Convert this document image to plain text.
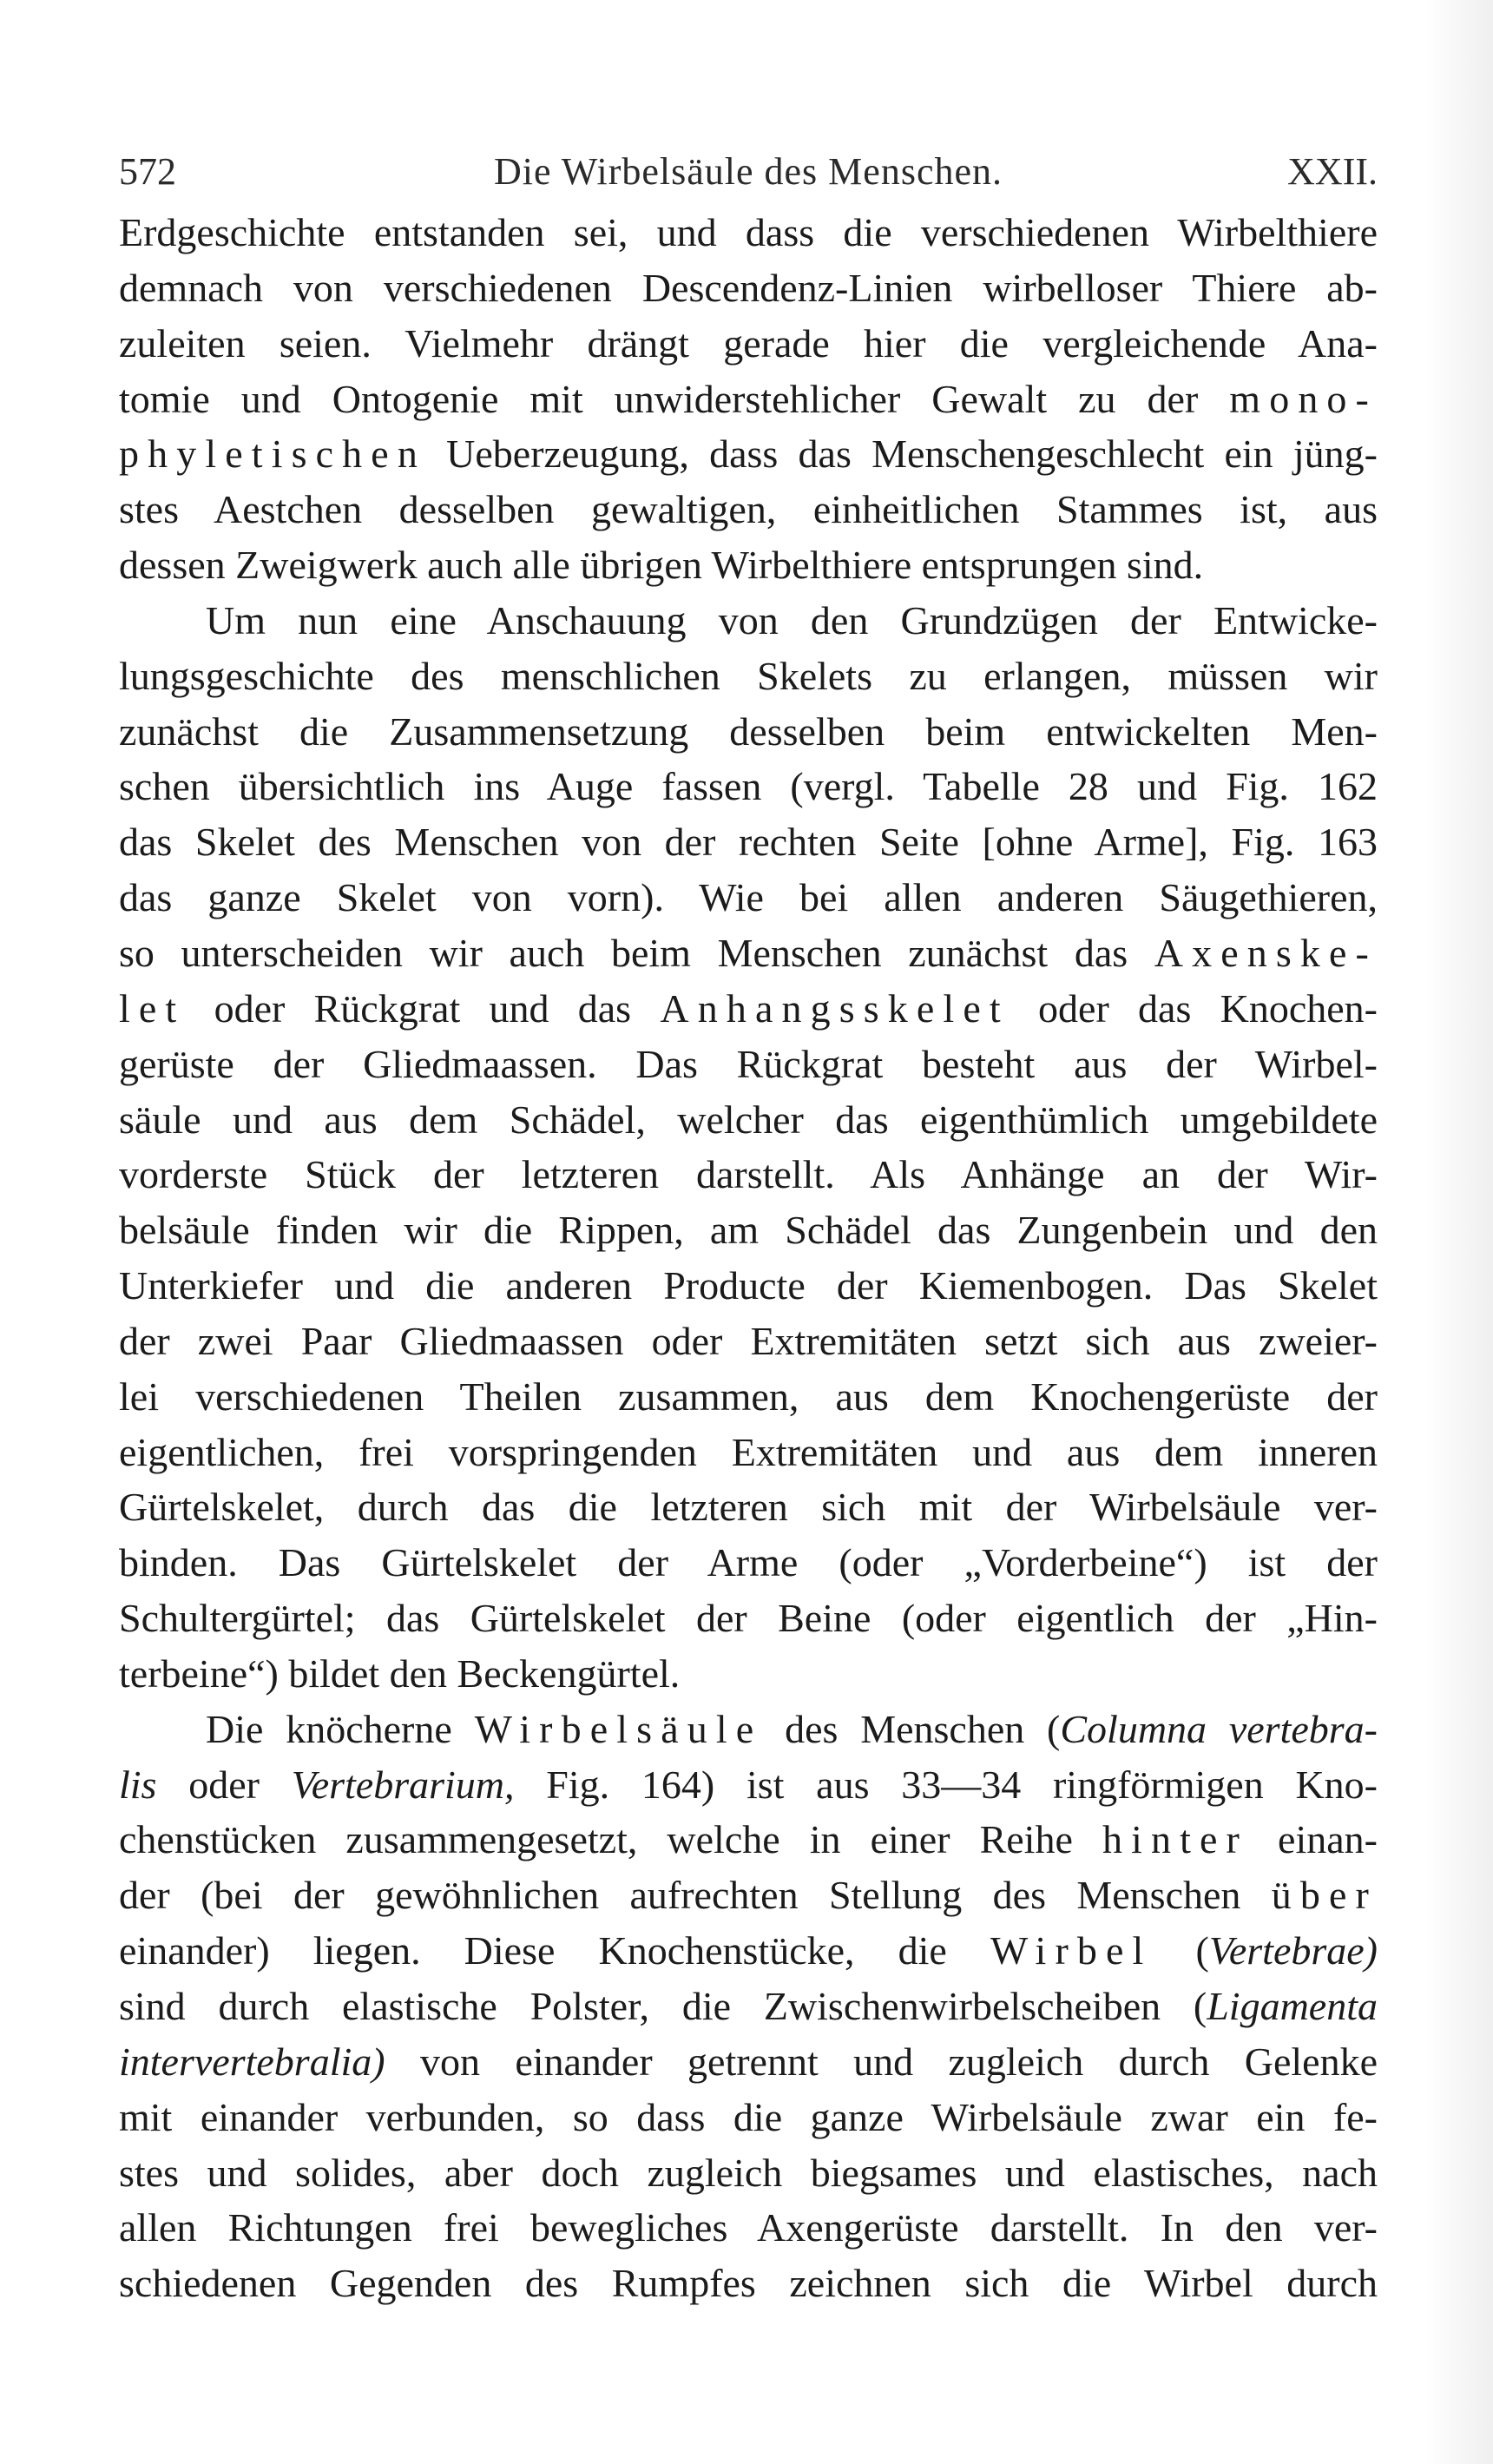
572	Die Wirbelsäule des Menschen.	XXII.
Erdgeschichte entstanden sei, und dass die verschiedenen Wirbelthiere
demnach von verschiedenen Descendenz-Linien wirbelloser Thiere ab-
zuleiten seien. Vielmehr drängt gerade hier die vergleichende Ana-
tomie und Ontogenie mit unwiderstehlicher Gewalt zu der mono-
phyletischen Ueberzeugung, dass das Menschengeschlecht ein jüng-
stes Aestchen desselben gewaltigen, einheitlichen Stammes ist, aus
dessen Zweigwerk auch alle übrigen Wirbelthiere entsprungen sind.
Um nun eine Anschauung von den Grundzügen der Entwicke-
lungsgeschichte des menschlichen Skelets zu erlangen, müssen wir
zunächst die Zusammensetzung desselben beim entwickelten Men-
schen übersichtlich ins Auge fassen (vergl. Tabelle 28 und Fig. 162
das Skelet des Menschen von der rechten Seite [ohne Arme], Fig. 163
das ganze Skelet von vorn). Wie bei allen anderen Säugethieren,
so unterscheiden wir auch beim Menschen zunächst das Axenske-
let oder Rückgrat und das Anhangsskelet oder das Knochen-
gerüste der Gliedmaassen. Das Rückgrat besteht aus der Wirbel-
säule und aus dem Schädel, welcher das eigenthümlich umgebildete
vorderste Stück der letzteren darstellt. Als Anhänge an der Wir-
belsäule finden wir die Rippen, am Schädel das Zungenbein und den
Unterkiefer und die anderen Producte der Kiemenbogen. Das Skelet
der zwei Paar Gliedmaassen oder Extremitäten setzt sich aus zweier-
lei verschiedenen Theilen zusammen, aus dem Knochengerüste der
eigentlichen, frei vorspringenden Extremitäten und aus dem inneren
Gürtelskelet, durch das die letzteren sich mit der Wirbelsäule ver-
binden. Das Gürtelskelet der Arme (oder „Vorderbeine“) ist der
Schultergürtel; das Gürtelskelet der Beine (oder eigentlich der „Hin-
terbeine“) bildet den Beckengürtel.
Die knöcherne Wirbelsäule des Menschen (Columna vertebra-
lis oder Vertebrarium, Fig. 164) ist aus 33—34 ringförmigen Kno-
chenstücken zusammengesetzt, welche in einer Reihe hinter einan-
der (bei der gewöhnlichen aufrechten Stellung des Menschen über
einander) liegen. Diese Knochenstücke, die Wirbel (Vertebrae)
sind durch elastische Polster, die Zwischenwirbelscheiben (Ligamenta
intervertebralia) von einander getrennt und zugleich durch Gelenke
mit einander verbunden, so dass die ganze Wirbelsäule zwar ein fe-
stes und solides, aber doch zugleich biegsames und elastisches, nach
allen Richtungen frei bewegliches Axengerüste darstellt. In den ver-
schiedenen Gegenden des Rumpfes zeichnen sich die Wirbel durch
